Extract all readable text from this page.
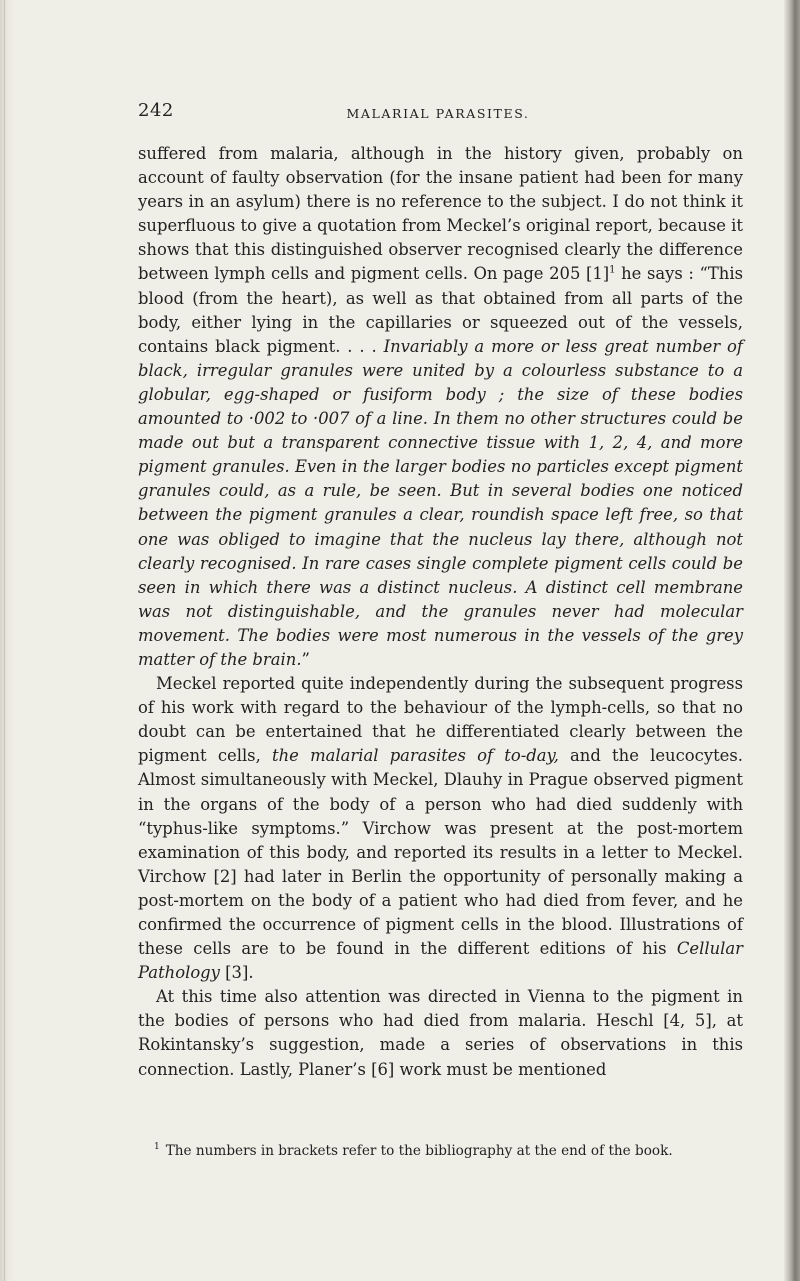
242	MALARIAL PARASITES.

suffered from malaria, although in the history given, probably on account of faulty observation (for the insane patient had been for many years in an asylum) there is no reference to the subject. I do not think it superfluous to give a quotation from Meckel’s original report, because it shows that this distinguished observer recognised clearly the difference between lymph cells and pigment cells. On page 205 $[1]^1$ he says : “This blood (from the heart), as well as that obtained from all parts of the body, either lying in the capillaries or squeezed out of the vessels, contains black pigment. . . . Invariably a more or less great number of black, irregular granules were united by a colourless substance to a globular, egg-shaped or fusiform body ; the size of these bodies amounted to ·002 to ·007 of a line. In them no other structures could be made out but a transparent connective tissue with 1, 2, 4, and more pigment granules. Even in the larger bodies no particles except pigment granules could, as a rule, be seen. But in several bodies one noticed between the pigment granules a clear, roundish space left free, so that one was obliged to imagine that the nucleus lay there, although not clearly recognised. In rare cases single complete pigment cells could be seen in which there was a distinct nucleus. A distinct cell membrane was not distinguishable, and the granules never had molecular movement. The bodies were most numerous in the vessels of the grey matter of the brain.”

Meckel reported quite independently during the subsequent progress of his work with regard to the behaviour of the lymph-cells, so that no doubt can be entertained that he differentiated clearly between the pigment cells, the malarial parasites of to-day, and the leucocytes. Almost simultaneously with Meckel, Dlauhy in Prague observed pigment in the organs of the body of a person who had died suddenly with “typhus-like symptoms.” Virchow was present at the post-mortem examination of this body, and reported its results in a letter to Meckel. Virchow [2] had later in Berlin the opportunity of personally making a post-mortem on the body of a patient who had died from fever, and he confirmed the occurrence of pigment cells in the blood. Illustrations of these cells are to be found in the different editions of his Cellular Pathology [3].

At this time also attention was directed in Vienna to the pigment in the bodies of persons who had died from malaria. Heschl [4, 5], at Rokintansky’s suggestion, made a series of observations in this connection. Lastly, Planer’s [6] work must be mentioned

$^1$ The numbers in brackets refer to the bibliography at the end of the book.
